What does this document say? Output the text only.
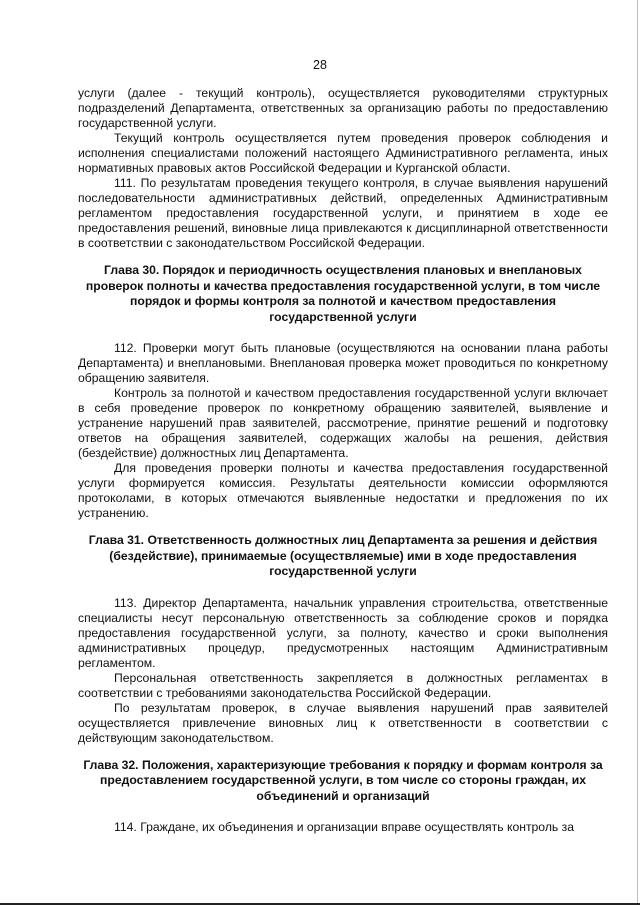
28

услуги (далее - текущий контроль), осуществляется руководителями структурных подразделений Департамента, ответственных за организацию работы по предоставлению государственной услуги.

Текущий контроль осуществляется путем проведения проверок соблюдения и исполнения специалистами положений настоящего Административного регламента, иных нормативных правовых актов Российской Федерации и Курганской области.

111. По результатам проведения текущего контроля, в случае выявления нарушений последовательности административных действий, определенных Административным регламентом предоставления государственной услуги, и принятием в ходе ее предоставления решений, виновные лица привлекаются к дисциплинарной ответственности в соответствии с законодательством Российской Федерации.

Глава 30. Порядок и периодичность осуществления плановых и внеплановых проверок полноты и качества предоставления государственной услуги, в том числе порядок и формы контроля за полнотой и качеством предоставления государственной услуги

112. Проверки могут быть плановые (осуществляются на основании плана работы Департамента) и внеплановыми. Внеплановая проверка может проводиться по конкретному обращению заявителя.

Контроль за полнотой и качеством предоставления государственной услуги включает в себя проведение проверок по конкретному обращению заявителей, выявление и устранение нарушений прав заявителей, рассмотрение, принятие решений и подготовку ответов на обращения заявителей, содержащих жалобы на решения, действия (бездействие) должностных лиц Департамента.

Для проведения проверки полноты и качества предоставления государственной услуги формируется комиссия. Результаты деятельности комиссии оформляются протоколами, в которых отмечаются выявленные недостатки и предложения по их устранению.

Глава 31. Ответственность должностных лиц Департамента за решения и действия (бездействие), принимаемые (осуществляемые) ими в ходе предоставления государственной услуги

113. Директор Департамента, начальник управления строительства, ответственные специалисты несут персональную ответственность за соблюдение сроков и порядка предоставления государственной услуги, за полноту, качество и сроки выполнения административных процедур, предусмотренных настоящим Административным регламентом.

Персональная ответственность закрепляется в должностных регламентах в соответствии с требованиями законодательства Российской Федерации.

По результатам проверок, в случае выявления нарушений прав заявителей осуществляется привлечение виновных лиц к ответственности в соответствии с действующим законодательством.

Глава 32. Положения, характеризующие требования к порядку и формам контроля за предоставлением государственной услуги, в том числе со стороны граждан, их объединений и организаций

114. Граждане, их объединения и организации вправе осуществлять контроль за
